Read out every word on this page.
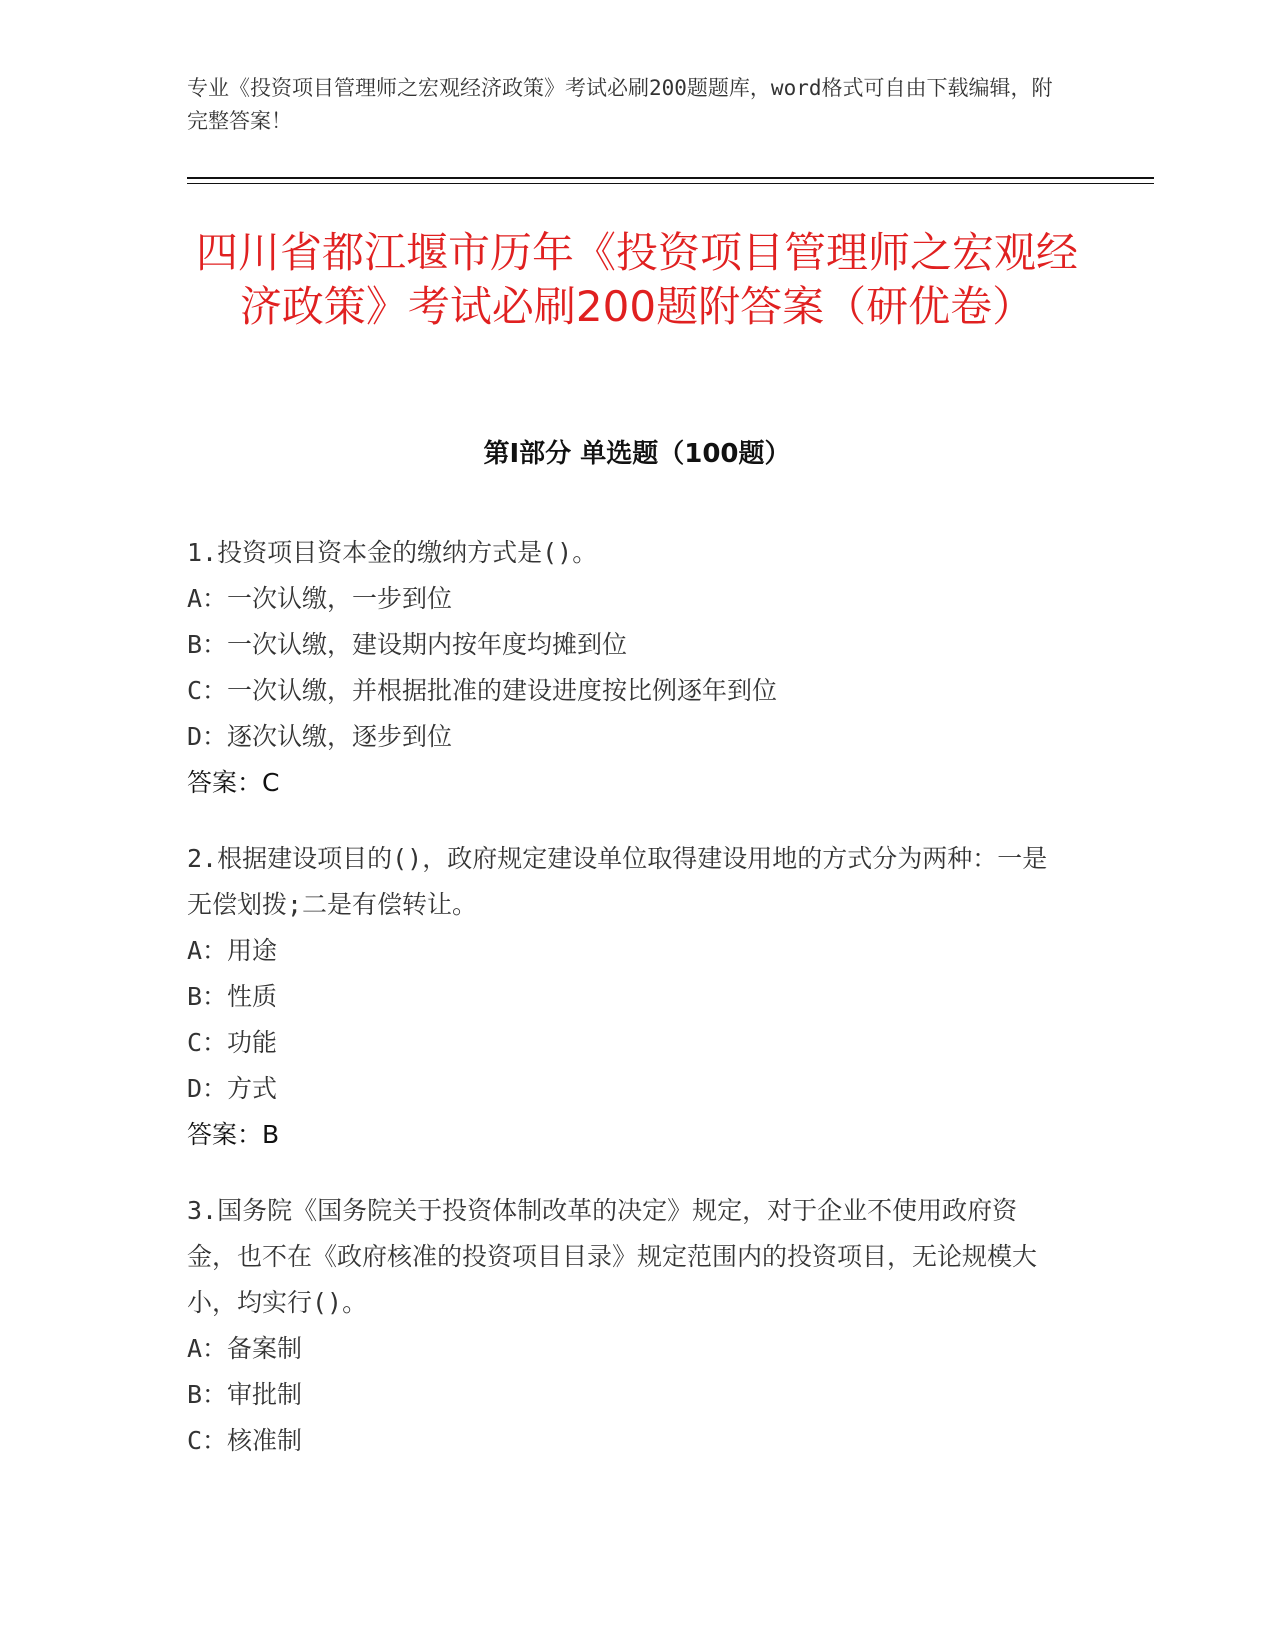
专业《投资项目管理师之宏观经济政策》考试必刷200题题库，word格式可自由下载编辑，附完整答案！
四川省都江堰市历年《投资项目管理师之宏观经济政策》考试必刷200题附答案（研优卷）
第Ⅰ部分 单选题（100题）
1.投资项目资本金的缴纳方式是()。
A：一次认缴，一步到位
B：一次认缴，建设期内按年度均摊到位
C：一次认缴，并根据批准的建设进度按比例逐年到位
D：逐次认缴，逐步到位
答案：C
2.根据建设项目的()，政府规定建设单位取得建设用地的方式分为两种：一是无偿划拨;二是有偿转让。
A：用途
B：性质
C：功能
D：方式
答案：B
3.国务院《国务院关于投资体制改革的决定》规定，对于企业不使用政府资金，也不在《政府核准的投资项目目录》规定范围内的投资项目，无论规模大小，均实行()。
A：备案制
B：审批制
C：核准制
